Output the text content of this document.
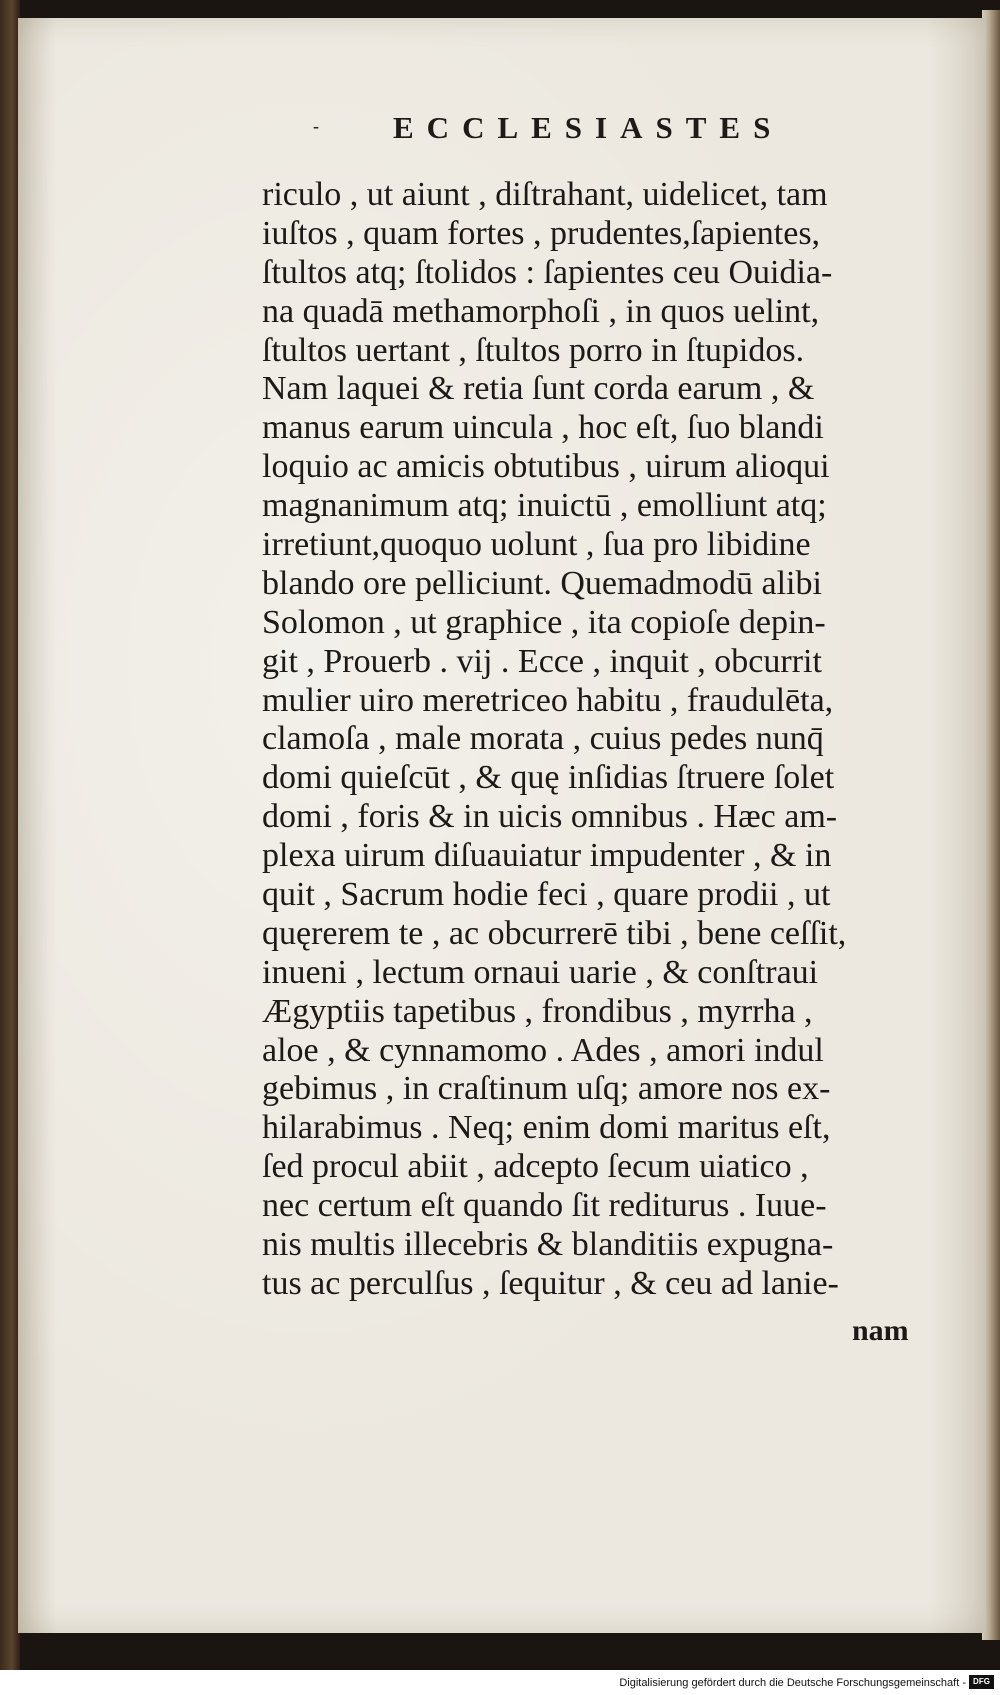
- ECCLESIASTES
riculo , ut aiunt , diſtrahant, uidelicet, tam
iuſtos , quam fortes , prudentes,ſapientes,
ſtultos atq; ſtolidos : ſapientes ceu Ouidia-
na quadā methamorphoſi , in quos uelint,
ſtultos uertant , ſtultos porro in ſtupidos.
Nam laquei & retia ſunt corda earum , &
manus earum uincula , hoc eſt, ſuo blandi
loquio ac amicis obtutibus , uirum alioqui
magnanimum atq; inuictū , emolliunt atq;
irretiunt,quoquo uolunt , ſua pro libidine
blando ore pelliciunt. Quemadmodū alibi
Solomon , ut graphice , ita copioſe depin-
git , Prouerb . vij . Ecce , inquit , obcurrit
mulier uiro meretriceo habitu , fraudulēta,
clamoſa , male morata , cuius pedes nunq̄
domi quieſcūt , & quę inſidias ſtruere ſolet
domi , foris & in uicis omnibus . Hæc am-
plexa uirum diſuauiatur impudenter , & in
quit , Sacrum hodie feci , quare prodii , ut
quęrerem te , ac obcurrerē tibi , bene ceſſit,
inueni , lectum ornaui uarie , & conſtraui
Ægyptiis tapetibus , frondibus , myrrha ,
aloe , & cynnamomo . Ades , amori indul
gebimus , in craſtinum uſq; amore nos ex-
hilarabimus . Neq; enim domi maritus eſt,
ſed procul abiit , adcepto ſecum uiatico ,
nec certum eſt quando ſit rediturus . Iuue-
nis multis illecebris & blanditiis expugna-
tus ac perculſus , ſequitur , & ceu ad lanie-
nam
Digitalisierung gefördert durch die Deutsche Forschungsgemeinschaft - DFG
